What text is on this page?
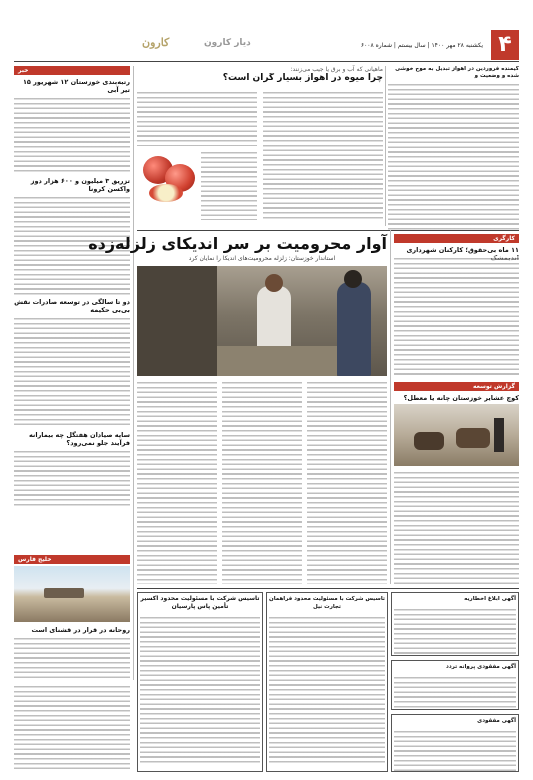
۴
یکشنبه ۲۸ مهر ۱۴۰۰ | سال بیستم | شماره ۶۰۰۸
دیار کارون
کارون
خبر
رتبه‌بندی خوزستان ۱۲ شهریور ۱۵ تیر آبی
تزریق ۳ میلیون و ۶۰۰ هزار دوز واکسن کرونا
دو تا سالگی در توسعه صادرات نقش بی‌بی حکیمه
سایه صیادان هفتگل چه بیمارانه فرآیند جلو نمی‌رود؟
خلیج فارس
روحانه در قرار در قشنای است
ماهیانی که آب و برق یا جیب می‌زنند:
چرا میوه در اهواز بسیار گران است؟
گیمنده فروردین در اهواز تبدیل به موج خوشی شده و وضعیت و
استاندار خوزستان: زلزله محرومیت‌های اندیکا را نمایان کرد
آوار محرومیت بر سر اندیکای زلزله‌زده	کارگری
۱۱ ماه بی‌حقوق؛ کارکنان شهرداری
گزارش توسعه
کوچ عشایر خوزستان چانه یا معطل؟
تاسیس شرکت با مسئولیت محدود اکسیر تأمین پاس پارسیان
تاسیس شرکت با مسئولیت محدود فراهمان تجارت نیل
آگهی ابلاغ اخطاریه
آگهی مفقودی پروانه تردد
آگهی مفقودی
